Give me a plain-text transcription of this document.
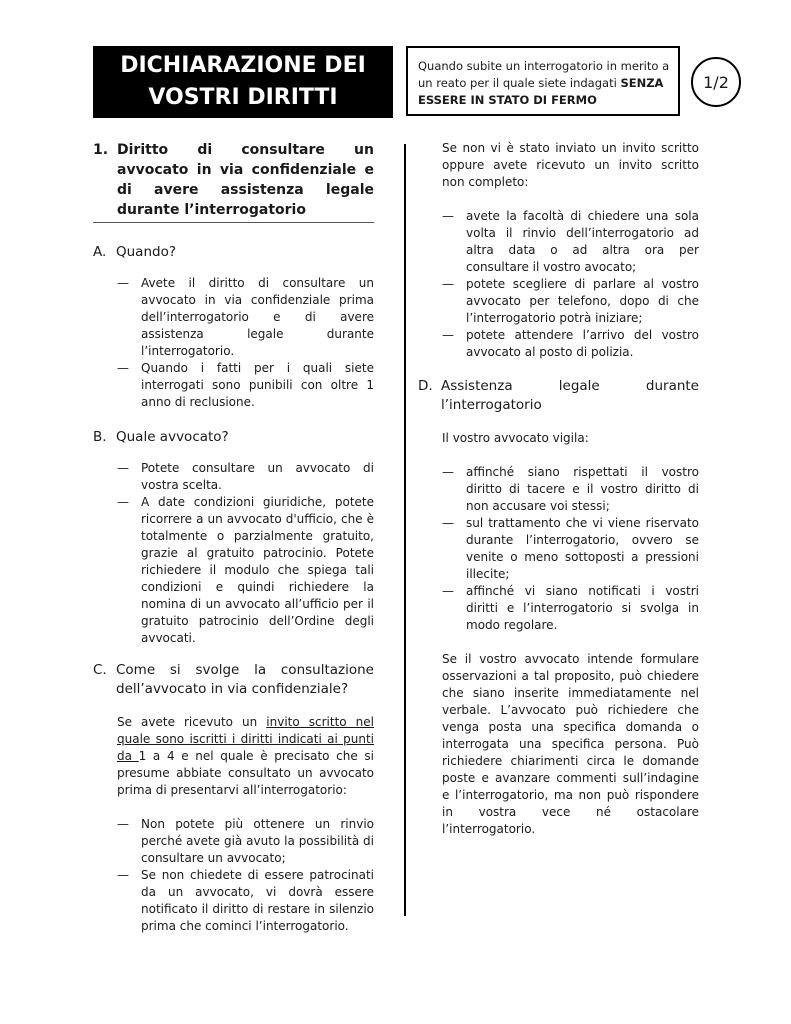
DICHIARAZIONE DEI VOSTRI DIRITTI
Quando subite un interrogatorio in merito a un reato per il quale siete indagati SENZA ESSERE IN STATO DI FERMO
1/2
1. Diritto di consultare un avvocato in via confidenziale e di avere assistenza legale durante l’interrogatorio
A. Quando?
—	Avete il diritto di consultare un avvocato in via confidenziale prima dell’interrogatorio e di avere assistenza legale durante l’interrogatorio.
—	Quando i fatti per i quali siete interrogati sono punibili con oltre 1 anno di reclusione.
B. Quale avvocato?
—	Potete consultare un avvocato di vostra scelta.
—	A date condizioni giuridiche, potete ricorrere a un avvocato d'ufficio, che è totalmente o parzialmente gratuito, grazie al gratuito patrocinio. Potete richiedere il modulo che spiega tali condizioni e quindi richiedere la nomina di un avvocato all’ufficio per il gratuito patrocinio dell’Ordine degli avvocati.
C. Come si svolge la consultazione dell’avvocato in via confidenziale?
Se avete ricevuto un invito scritto nel quale sono iscritti i diritti indicati ai punti da 1 a 4 e nel quale è precisato che si presume abbiate consultato un avvocato prima di presentarvi all’interrogatorio:
—	Non potete più ottenere un rinvio perché avete già avuto la possibilità di consultare un avvocato;
—	Se non chiedete di essere patrocinati da un avvocato, vi dovrà essere notificato il diritto di restare in silenzio prima che cominci l’interrogatorio.
Se non vi è stato inviato un invito scritto oppure avete ricevuto un invito scritto non completo:
—	avete la facoltà di chiedere una sola volta il rinvio dell’interrogatorio ad altra data o ad altra ora per consultare il vostro avocato;
—	potete scegliere di parlare al vostro avvocato per telefono, dopo di che l’interrogatorio potrà iniziare;
—	potete attendere l’arrivo del vostro avvocato al posto di polizia.
D. Assistenza legale durante l’interrogatorio
Il vostro avvocato vigila:
—	affinché siano rispettati il vostro diritto di tacere e il vostro diritto di non accusare voi stessi;
—	sul trattamento che vi viene riservato durante l’interrogatorio, ovvero se venite o meno sottoposti a pressioni illecite;
—	affinché vi siano notificati i vostri diritti e l’interrogatorio si svolga in modo regolare.
Se il vostro avvocato intende formulare osservazioni a tal proposito, può chiedere che siano inserite immediatamente nel verbale. L’avvocato può richiedere che venga posta una specifica domanda o interrogata una specifica persona. Può richiedere chiarimenti circa le domande poste e avanzare commenti sull’indagine e l’interrogatorio, ma non può rispondere in vostra vece né ostacolare l’interrogatorio.
